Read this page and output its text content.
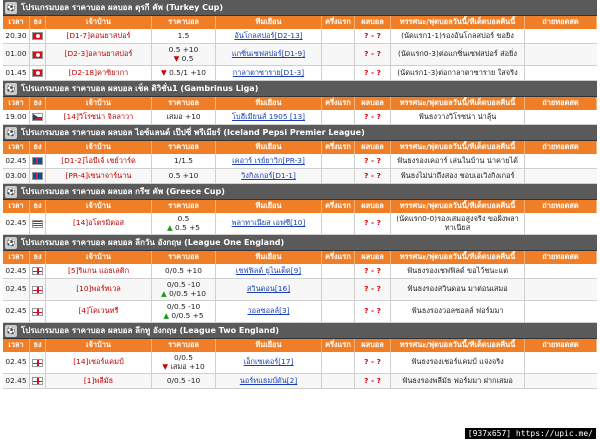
⚽ โปรแกรมบอล ราคาบอล ผลบอล ตุรกี คัพ (Turkey Cup)
เวลา	ธง	เจ้าบ้าน	ราคาบอล	ทีมเยือน	ครึ่งแรก	ผลบอล	ทรรศนะ/ฟุตบอลวันนี้/ทีเด็ดบอลคืนนี้	ถ่ายทอดสด
20.30	[D1-7]คอนยาสปอร์	1.5	อันโกลสปอร์[D2-13]	? - ?	(นัดแรก1-1)รองอันโกลสปอร์ ขอยิง
01.00	[D2-3]อลานยาสปอร์	0.5 +10
▼ 0.5	แกซิ่นเซฟสปอร์[D1-9]	? - ?	(นัดแรก0-3)ต่อแกซิ่นเซฟสปอร์ ส่อยิ่ง
01.45	[D2-18]คาซิยากา	▼ 0.5/1 +10	กาลาตาซาราย[D1-3]	? - ?	(นัดแรก1-3)ต่อกาลาตาซาราย ใสจริง
⚽ โปรแกรมบอล ราคาบอล ผลบอล เช็ค ดิวิชั่น1 (Gambrinus Liga)
เวลา	ธง	เจ้าบ้าน	ราคาบอล	ทีมเยือน	ครึ่งแรก	ผลบอล	ทรรศนะ/ฟุตบอลวันนี้/ทีเด็ดบอลคืนนี้	ถ่ายทอดสด
19.00	[14]วิโรซน่า จิลลาวา	เสมอ +10	โบฮีเมียนส์ 1905 [13]	? - ?	ฟันธงวางวิโรซน่า น่าลุ้น
⚽ โปรแกรมบอล ราคาบอล ผลบอล ไอซ์แลนด์ เป๊ปซี่ พรีเมียร์ (Iceland Pepsi Premier League)
เวลา	ธง	เจ้าบ้าน	ราคาบอล	ทีมเยือน	ครึ่งแรก	ผลบอล	ทรรศนะ/ฟุตบอลวันนี้/ทีเด็ดบอลคืนนี้	ถ่ายทอดสด
02.45	[D1-2]ไอบีเจ้ เชย์วาร์ด	1/1.5	เคอาร์ เรย์ยาวิก[PR-3]	? - ?	ฟันธงรองเคอาร์ เล่นในบ้าน น่าคายได้
03.00	[PR-4]เซนาจาร์นาน	0.5 +10	วิงกิงเกอร์[D1-1]	? - ?	ฟันธงไม่น่าถึงสอง ชอบเอเวิงกิงเกอร์
⚽ โปรแกรมบอล ราคาบอล ผลบอล กรีซ คัพ (Greece Cup)
เวลา	ธง	เจ้าบ้าน	ราคาบอล	ทีมเยือน	ครึ่งแรก	ผลบอล	ทรรศนะ/ฟุตบอลวันนี้/ทีเด็ดบอลคืนนี้	ถ่ายทอดสด
02.45	[14]อโตรมิตอส	0.5
▲ 0.5 +5	พลาทาเนียส เอฟซี[10]	? - ?	(นัดแรก0-0)รองเสมอสูงจริง ขอฝั่งพลาทาเนียส
⚽ โปรแกรมบอล ราคาบอล ผลบอล ลีกวัน อังกฤษ (League One England)
เวลา	ธง	เจ้าบ้าน	ราคาบอล	ทีมเยือน	ครึ่งแรก	ผลบอล	ทรรศนะ/ฟุตบอลวันนี้/ทีเด็ดบอลคืนนี้	ถ่ายทอดสด
02.45	[5]ริแกน แอธเลติก	0/0.5 +10	เชฟฟิลด์ ยูไนเต็ด[9]	? - ?	ฟันธงรองเชฟฟิลด์ ขอไว้ชนะแต่
02.45	[10]พอร์ทเวล	0/0.5 -10
▲ 0/0.5 +10	สวินดอน[16]	? - ?	ฟันธงรองสวินดอน มาต่อนเสมอ
02.45	[4]โคเวนทรี	0/0.5 -10
▲ 0/0.5 +5	วอลซอลล์[3]	? - ?	ฟันธงรองวอลซอลล์ ฟอร์มมา
⚽ โปรแกรมบอล ราคาบอล ผลบอล ลีกทู อังกฤษ (League Two England)
เวลา	ธง	เจ้าบ้าน	ราคาบอล	ทีมเยือน	ครึ่งแรก	ผลบอล	ทรรศนะ/ฟุตบอลวันนี้/ทีเด็ดบอลคืนนี้	ถ่ายทอดสด
02.45	[14]เชอร์แคมป์	0/0.5
▼ เสมอ +10	เอ็กเซเตอร์[17]	? - ?	ฟันธงรองเชอร์แคมป์ แจ่งจริง
02.45	[1]พลีมัธ	0/0.5 -10	นอร์ทแธมป์ตัน[2]	? - ?	ฟันธงรองพลีมัธ ฟอร์มมา ฝากเสมอ
[937x657] https://upic.me/
